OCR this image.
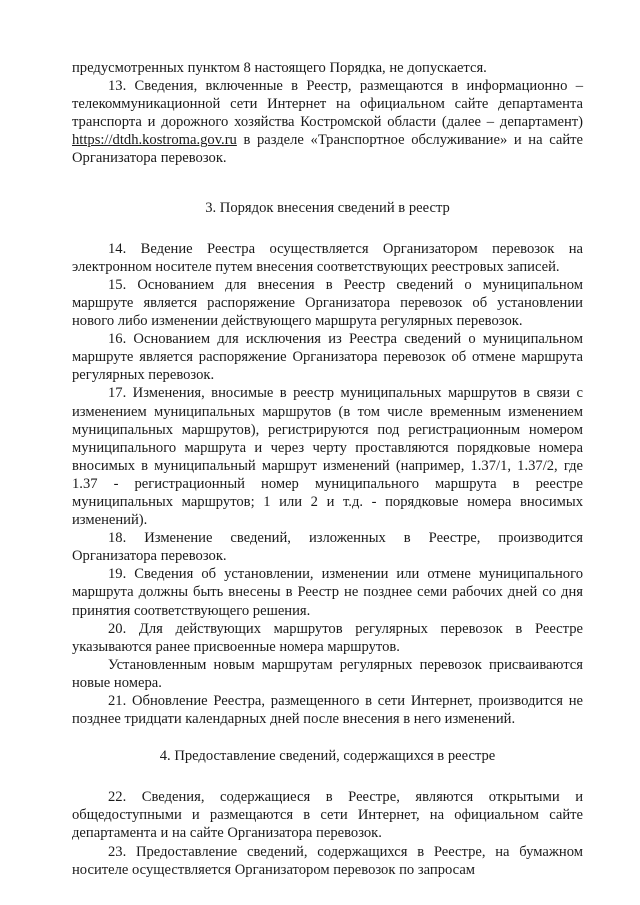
предусмотренных пунктом 8 настоящего Порядка, не допускается.

13. Сведения, включенные в Реестр, размещаются в информационно – телекоммуникационной сети Интернет на официальном сайте департамента транспорта и дорожного хозяйства Костромской области (далее – департамент) https://dtdh.kostroma.gov.ru в разделе «Транспортное обслуживание» и на сайте Организатора перевозок.

3. Порядок внесения сведений в реестр

14. Ведение Реестра осуществляется Организатором перевозок на электронном носителе путем внесения соответствующих реестровых записей.

15. Основанием для внесения в Реестр сведений о муниципальном маршруте является распоряжение Организатора перевозок об установлении нового либо изменении действующего маршрута регулярных перевозок.

16. Основанием для исключения из Реестра сведений о муниципальном маршруте является распоряжение Организатора перевозок об отмене маршрута регулярных перевозок.

17. Изменения, вносимые в реестр муниципальных маршрутов в связи с изменением муниципальных маршрутов (в том числе временным изменением муниципальных маршрутов), регистрируются под регистрационным номером муниципального маршрута и через черту проставляются порядковые номера вносимых в муниципальный маршрут изменений (например, 1.37/1, 1.37/2, где 1.37 - регистрационный номер муниципального маршрута в реестре муниципальных маршрутов; 1 или 2 и т.д. - порядковые номера вносимых изменений).

18. Изменение сведений, изложенных в Реестре, производится Организатора перевозок.

19. Сведения об установлении, изменении или отмене муниципального маршрута должны быть внесены в Реестр не позднее семи рабочих дней со дня принятия соответствующего решения.

20. Для действующих маршрутов регулярных перевозок в Реестре указываются ранее присвоенные номера маршрутов.

Установленным новым маршрутам регулярных перевозок присваиваются новые номера.

21. Обновление Реестра, размещенного в сети Интернет, производится не позднее тридцати календарных дней после внесения в него изменений.

4. Предоставление сведений, содержащихся в реестре

22. Сведения, содержащиеся в Реестре, являются открытыми и общедоступными и размещаются в сети Интернет, на официальном сайте департамента и на сайте Организатора перевозок.

23. Предоставление сведений, содержащихся в Реестре, на бумажном носителе осуществляется Организатором перевозок по запросам
